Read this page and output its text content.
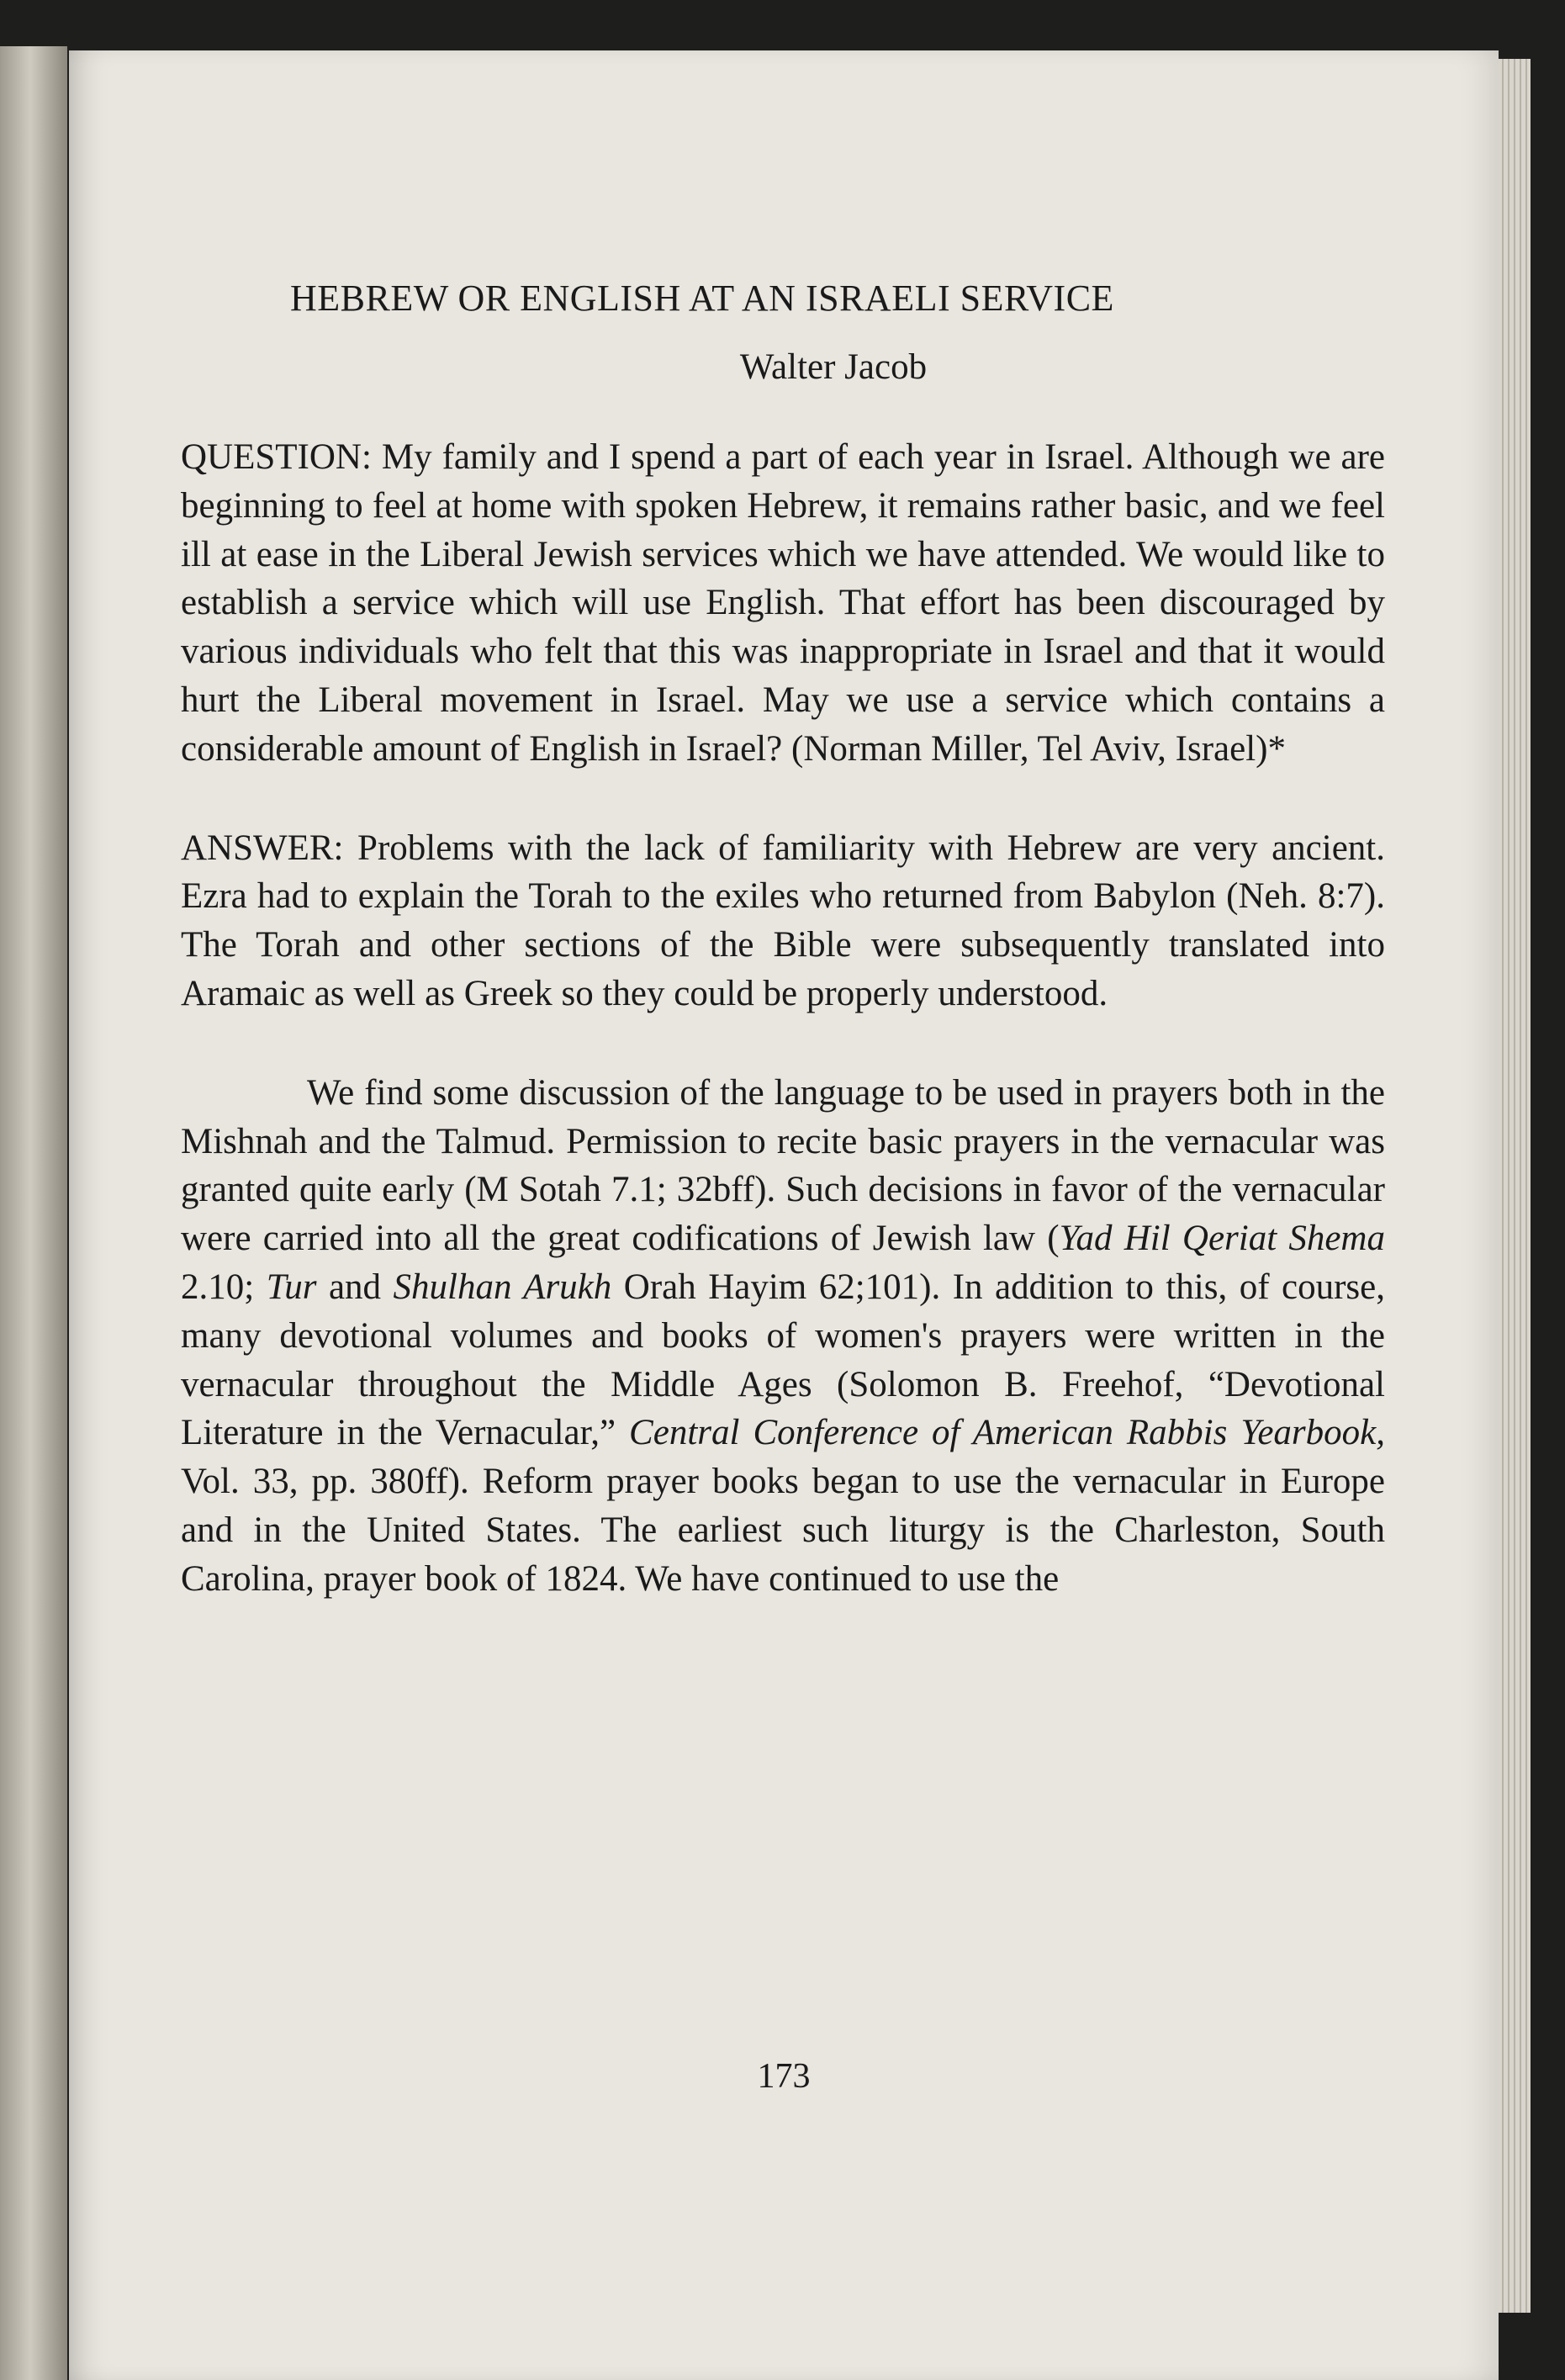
HEBREW OR ENGLISH AT AN ISRAELI SERVICE

Walter Jacob

QUESTION: My family and I spend a part of each year in Israel. Although we are beginning to feel at home with spoken Hebrew, it remains rather basic, and we feel ill at ease in the Liberal Jewish services which we have attended. We would like to establish a service which will use English. That effort has been discouraged by various individuals who felt that this was inappropriate in Israel and that it would hurt the Liberal movement in Israel. May we use a service which contains a considerable amount of English in Israel? (Norman Miller, Tel Aviv, Israel)*

ANSWER: Problems with the lack of familiarity with Hebrew are very ancient. Ezra had to explain the Torah to the exiles who returned from Babylon (Neh. 8:7). The Torah and other sections of the Bible were subsequently translated into Aramaic as well as Greek so they could be properly understood.

We find some discussion of the language to be used in prayers both in the Mishnah and the Talmud. Permission to recite basic prayers in the vernacular was granted quite early (M Sotah 7.1; 32bff). Such decisions in favor of the vernacular were carried into all the great codifications of Jewish law (Yad Hil Qeriat Shema 2.10; Tur and Shulhan Arukh Orah Hayim 62;101). In addition to this, of course, many devotional volumes and books of women's prayers were written in the vernacular throughout the Middle Ages (Solomon B. Freehof, “Devotional Literature in the Vernacular,” Central Conference of American Rabbis Yearbook, Vol. 33, pp. 380ff). Reform prayer books began to use the vernacular in Europe and in the United States. The earliest such liturgy is the Charleston, South Carolina, prayer book of 1824. We have continued to use the

173
